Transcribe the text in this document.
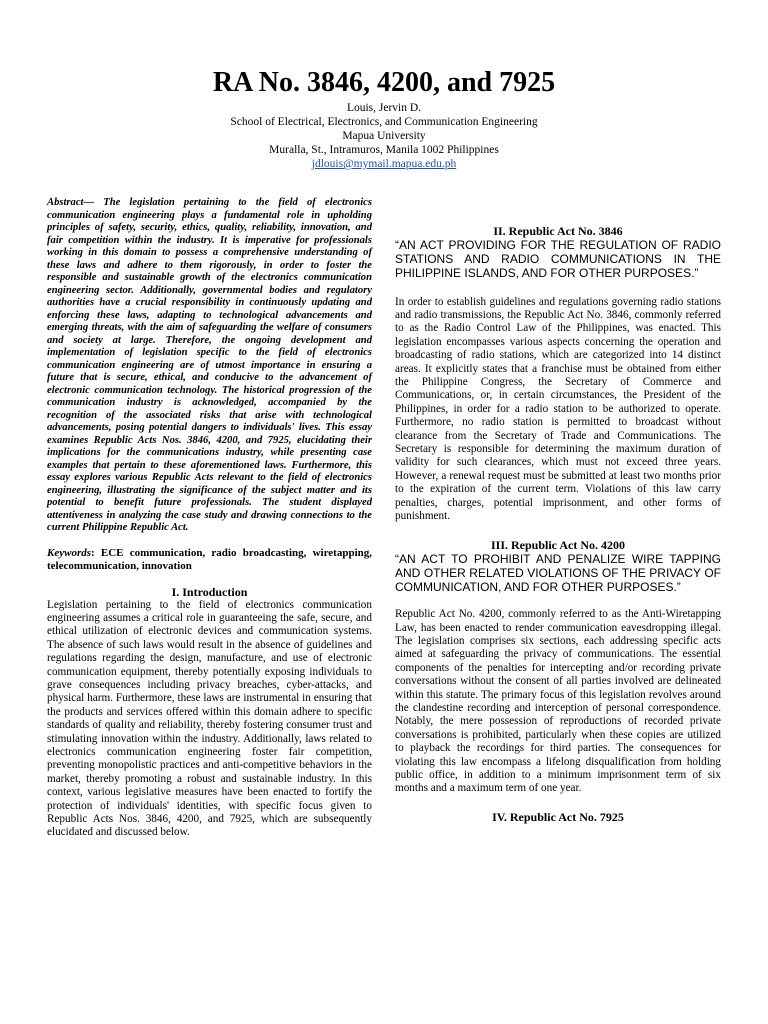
RA No. 3846, 4200, and 7925

Louis, Jervin D.

School of Electrical, Electronics, and Communication Engineering

Mapua University

Muralla, St., Intramuros, Manila 1002 Philippines

jdlouis@mymail.mapua.edu.ph

Abstract— The legislation pertaining to the field of electronics communication engineering plays a fundamental role in upholding principles of safety, security, ethics, quality, reliability, innovation, and fair competition within the industry. It is imperative for professionals working in this domain to possess a comprehensive understanding of these laws and adhere to them rigorously, in order to foster the responsible and sustainable growth of the electronics communication engineering sector. Additionally, governmental bodies and regulatory authorities have a crucial responsibility in continuously updating and enforcing these laws, adapting to technological advancements and emerging threats, with the aim of safeguarding the welfare of consumers and society at large. Therefore, the ongoing development and implementation of legislation specific to the field of electronics communication engineering are of utmost importance in ensuring a future that is secure, ethical, and conducive to the advancement of electronic communication technology. The historical progression of the communication industry is acknowledged, accompanied by the recognition of the associated risks that arise with technological advancements, posing potential dangers to individuals' lives. This essay examines Republic Acts Nos. 3846, 4200, and 7925, elucidating their implications for the communications industry, while presenting case examples that pertain to these aforementioned laws. Furthermore, this essay explores various Republic Acts relevant to the field of electronics engineering, illustrating the significance of the subject matter and its potential to benefit future professionals. The student displayed attentiveness in analyzing the case study and drawing connections to the current Philippine Republic Act.

Keywords: ECE communication, radio broadcasting, wiretapping, telecommunication, innovation

I. Introduction

Legislation pertaining to the field of electronics communication engineering assumes a critical role in guaranteeing the safe, secure, and ethical utilization of electronic devices and communication systems. The absence of such laws would result in the absence of guidelines and regulations regarding the design, manufacture, and use of electronic communication equipment, thereby potentially exposing individuals to grave consequences including privacy breaches, cyber-attacks, and physical harm. Furthermore, these laws are instrumental in ensuring that the products and services offered within this domain adhere to specific standards of quality and reliability, thereby fostering consumer trust and stimulating innovation within the industry. Additionally, laws related to electronics communication engineering foster fair competition, preventing monopolistic practices and anti-competitive behaviors in the market, thereby promoting a robust and sustainable industry. In this context, various legislative measures have been enacted to fortify the protection of individuals' identities, with specific focus given to Republic Acts Nos. 3846, 4200, and 7925, which are subsequently elucidated and discussed below.

II. Republic Act No. 3846

“AN ACT PROVIDING FOR THE REGULATION OF RADIO STATIONS AND RADIO COMMUNICATIONS IN THE PHILIPPINE ISLANDS, AND FOR OTHER PURPOSES.”

In order to establish guidelines and regulations governing radio stations and radio transmissions, the Republic Act No. 3846, commonly referred to as the Radio Control Law of the Philippines, was enacted. This legislation encompasses various aspects concerning the operation and broadcasting of radio stations, which are categorized into 14 distinct areas. It explicitly states that a franchise must be obtained from either the Philippine Congress, the Secretary of Commerce and Communications, or, in certain circumstances, the President of the Philippines, in order for a radio station to be authorized to operate. Furthermore, no radio station is permitted to broadcast without clearance from the Secretary of Trade and Communications. The Secretary is responsible for determining the maximum duration of validity for such clearances, which must not exceed three years. However, a renewal request must be submitted at least two months prior to the expiration of the current term. Violations of this law carry penalties, charges, potential imprisonment, and other forms of punishment.

III. Republic Act No. 4200

“AN ACT TO PROHIBIT AND PENALIZE WIRE TAPPING AND OTHER RELATED VIOLATIONS OF THE PRIVACY OF COMMUNICATION, AND FOR OTHER PURPOSES.”

Republic Act No. 4200, commonly referred to as the Anti-Wiretapping Law, has been enacted to render communication eavesdropping illegal. The legislation comprises six sections, each addressing specific acts aimed at safeguarding the privacy of communications. The essential components of the penalties for intercepting and/or recording private conversations without the consent of all parties involved are delineated within this statute. The primary focus of this legislation revolves around the clandestine recording and interception of personal correspondence. Notably, the mere possession of reproductions of recorded private conversations is prohibited, particularly when these copies are utilized to playback the recordings for third parties. The consequences for violating this law encompass a lifelong disqualification from holding public office, in addition to a minimum imprisonment term of six months and a maximum term of one year.

IV. Republic Act No. 7925
